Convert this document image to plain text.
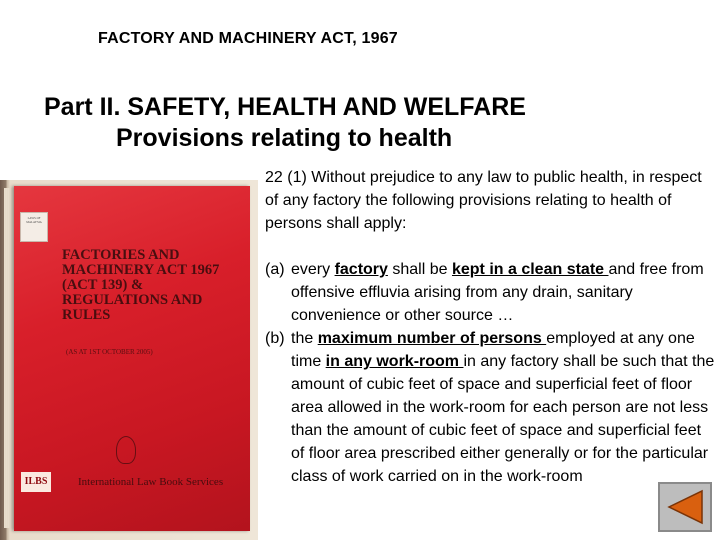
FACTORY AND MACHINERY ACT, 1967
Part II. SAFETY, HEALTH AND WELFARE
Provisions relating to health
LAWS OF MALAYSIA
FACTORIES AND
MACHINERY ACT 1967
(ACT 139) &
REGULATIONS AND RULES
(AS AT 1ST OCTOBER 2005)
ILBS	International Law Book Services
22 (1) Without prejudice to any law to public health, in respect of any factory the following provisions relating to health of persons shall apply:
(a) every factory shall be kept in a clean state and free from offensive effluvia arising from any drain, sanitary convenience or other source …
(b) the maximum number of persons employed at any one time in any work-room in any factory shall be such that the amount of cubic feet of space and superficial feet of floor area allowed in the work-room for each person are not less than the amount of cubic feet of space and superficial feet of floor area prescribed either generally or for the particular class of work carried on in the work-room
